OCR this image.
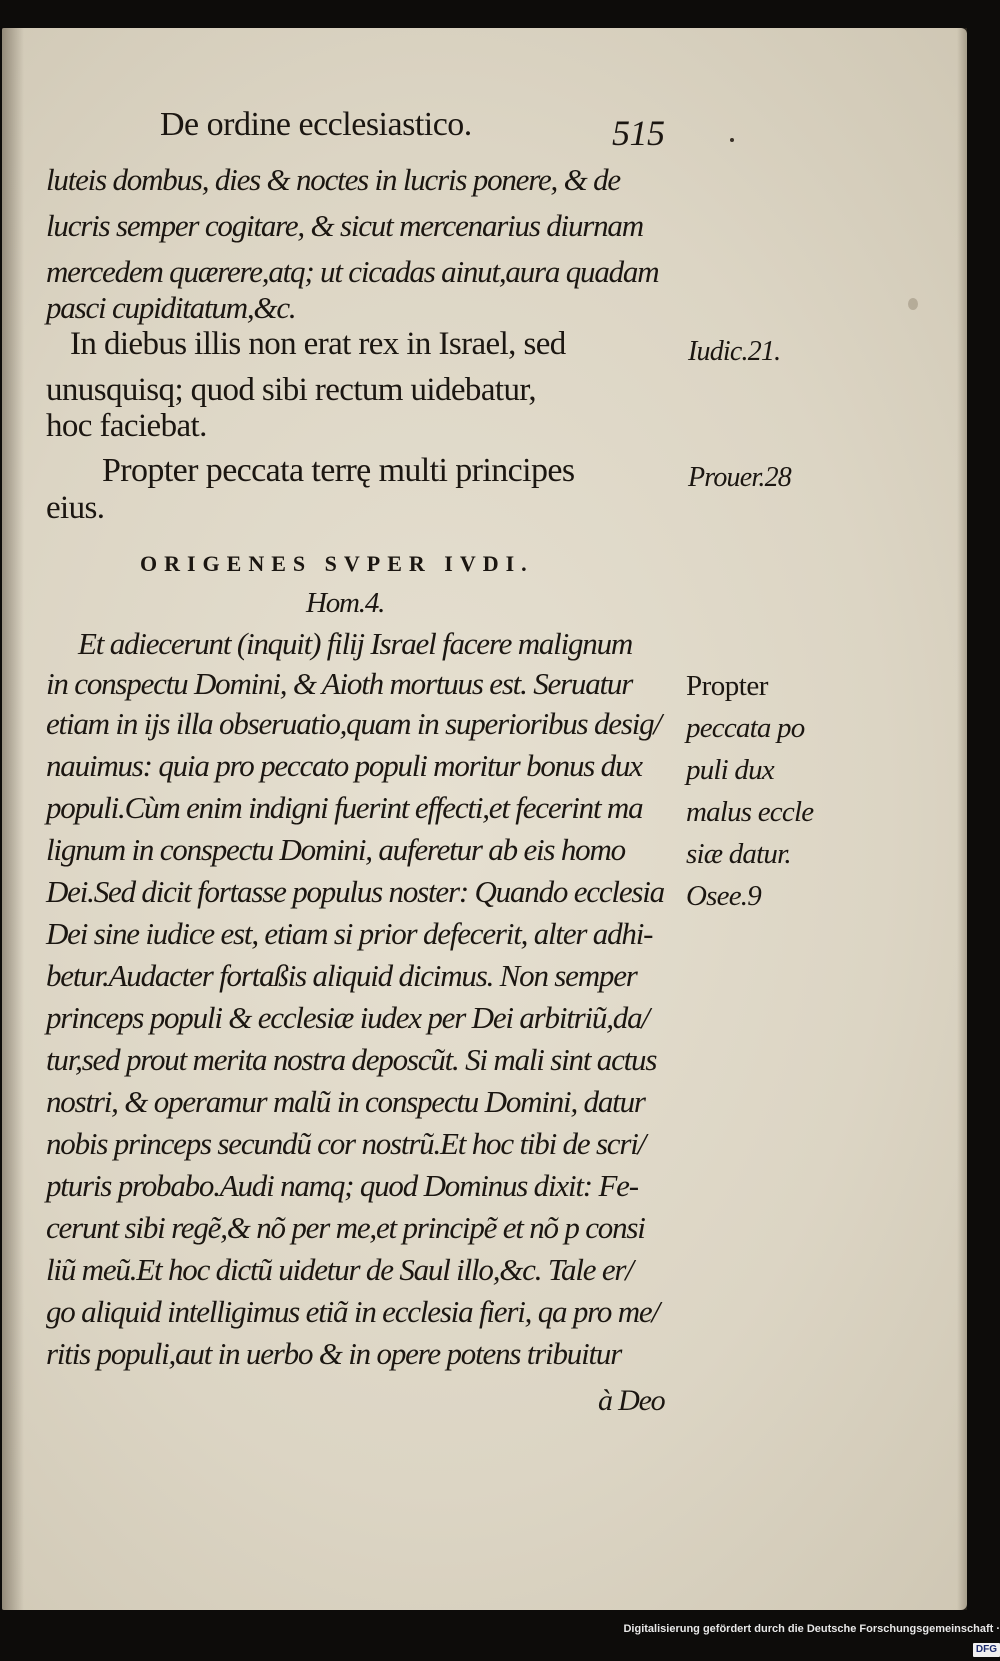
De ordine ecclesiastico.	515
luteis dombus, dies & noctes in lucris ponere, & de
lucris semper cogitare, & sicut mercenarius diurnam
mercedem quærere,atq; ut cicadas ainut,aura quadam
pasci cupiditatum,&c.
In diebus illis non erat rex in Israel, sed	Iudic.21.
unusquisq; quod sibi rectum uidebatur,
hoc faciebat.
Propter peccata terrę multi principes	Prouer.28
eius.
ORIGENES SVPER IVDI.
Hom.4.
Et adiecerunt (inquit) filij Israel facere malignum
in conspectu Domini, & Aioth mortuus est. Seruatur
etiam in ijs illa obseruatio,quam in superioribus desig/
nauimus: quia pro peccato populi moritur bonus dux
populi.Cùm enim indigni fuerint effecti,et fecerint ma
lignum in conspectu Domini, auferetur ab eis homo
Dei.Sed dicit fortasse populus noster: Quando ecclesia
Dei sine iudice est, etiam si prior defecerit, alter adhi-
betur.Audacter fortaßis aliquid dicimus. Non semper
princeps populi & ecclesiæ iudex per Dei arbitriũ,da/
tur,sed prout merita nostra deposcũt. Si mali sint actus
nostri, & operamur malũ in conspectu Domini, datur
nobis princeps secundũ cor nostrũ.Et hoc tibi de scri/
pturis probabo.Audi namq; quod Dominus dixit: Fe-
cerunt sibi regẽ,& nõ per me,et principẽ et nõ p consi
liũ meũ.Et hoc dictũ uidetur de Saul illo,&c. Tale er/
go aliquid intelligimus etiã in ecclesia fieri, qa pro me/
ritis populi,aut in uerbo & in opere potens tribuitur
à Deo
Propter
peccata po
puli dux
malus eccle
siæ datur.
Osee.9
Digitalisierung gefördert durch die Deutsche Forschungsgemeinschaft ·DFG
